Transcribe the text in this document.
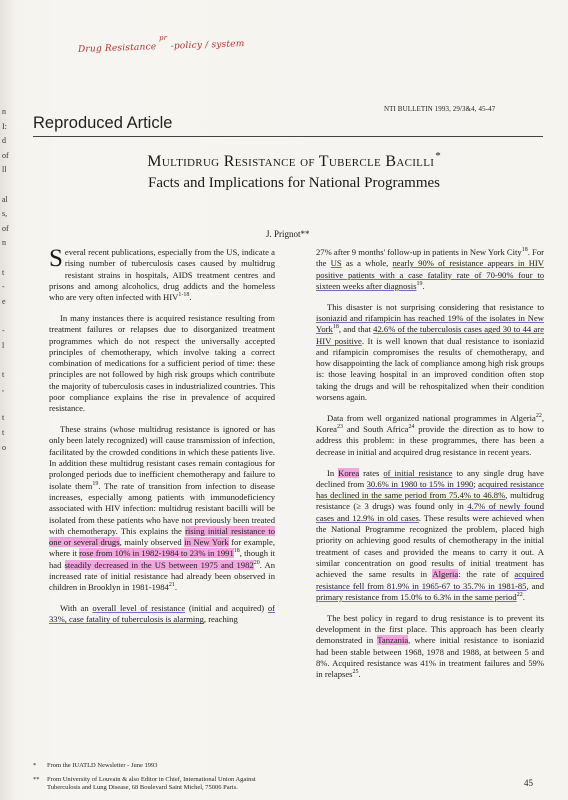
n
I:
d
of
ll

al
s,
of
n

t
-
e

-
l

t
,

t
t
o
Drug Resistance $^{pr}$ -policy / system
NTI BULLETIN 1993, 29/3&4, 45-47
Reproduced Article
Multidrug Resistance of Tubercle Bacilli*
Facts and Implications for National Programmes
J. Prignot**

Several recent publications, especially from the US, indicate a rising number of tuberculosis cases caused by multidrug resistant strains in hospitals, AIDS treatment centres and prisons and among alcoholics, drug addicts and the homeless who are very often infected with HIV$^{1-18}$.

In many instances there is acquired resistance resulting from treatment failures or relapses due to disorganized treatment programmes which do not respect the universally accepted principles of chemotherapy, which involve taking a correct combination of medications for a sufficient period of time: these principles are not followed by high risk groups which contribute the majority of tuberculosis cases in industrialized countries. This poor compliance explains the rise in prevalence of acquired resistance.

These strains (whose multidrug resistance is ignored or has only been lately recognized) will cause transmission of infection, facilitated by the crowded conditions in which these patients live. In addition these multidrug resistant cases remain contagious for prolonged periods due to inefficient chemotherapy and failure to isolate them$^{19}$. The rate of transition from infection to disease increases, especially among patients with immunodeficiency associated with HIV infection: multidrug resistant bacilli will be isolated from these patients who have not previously been treated with chemotherapy. This explains the rising initial resistance to one or several drugs, mainly observed in New York for example, where it rose from 10% in 1982-1984 to 23% in 1991$^{18}$, though it had steadily decreased in the US between 1975 and 1982$^{20}$. An increased rate of initial resistance had already been observed in children in Brooklyn in 1981-1984$^{21}$.

With an overall level of resistance (initial and acquired) of 33%, case fatality of tuberculosis is alarming, reaching

27% after 9 months' follow-up in patients in New York City$^{18}$. For the US as a whole, nearly 90% of resistance appears in HIV positive patients with a case fatality rate of 70-90% four to sixteen weeks after diagnosis$^{19}$.

This disaster is not surprising considering that resistance to isoniazid and rifampicin has reached 19% of the isolates in New York$^{18}$, and that 42.6% of the tuberculosis cases aged 30 to 44 are HIV positive. It is well known that dual resistance to isoniazid and rifampicin compromises the results of chemotherapy, and how disappointing the lack of compliance among high risk groups is: those leaving hospital in an improved condition often stop taking the drugs and will be rehospitalized when their condition worsens again.

Data from well organized national programmes in Algeria$^{22}$, Korea$^{23}$ and South Africa$^{24}$ provide the direction as to how to address this problem: in these programmes, there has been a decrease in initial and acquired drug resistance in recent years.

In Korea rates of initial resistance to any single drug have declined from 30.6% in 1980 to 15% in 1990; acquired resistance has declined in the same period from 75.4% to 46.8%, multidrug resistance (≥ 3 drugs) was found only in 4.7% of newly found cases and 12.9% in old cases. These results were achieved when the National Programme recognized the problem, placed high priority on achieving good results of chemotherapy in the initial treatment of cases and provided the means to carry it out. A similar concentration on good results of initial treatment has achieved the same results in Algeria: the rate of acquired resistance fell from 81.9% in 1965-67 to 35.7% in 1981-85, and primary resistance from 15.0% to 6.3% in the same period$^{22}$.

The best policy in regard to drug resistance is to prevent its development in the first place. This approach has been clearly demonstrated in Tanzania, where initial resistance to isoniazid had been stable between 1968, 1978 and 1988, at between 5 and 8%. Acquired resistance was 41% in treatment failures and 59% in relapses$^{25}$.

* From the IUATLD Newsletter - June 1993
** From University of Louvain & also Editor in Chief, International Union Against Tuberculosis and Lung Disease, 68 Boulevard Saint Michel, 75006 Paris.	45
